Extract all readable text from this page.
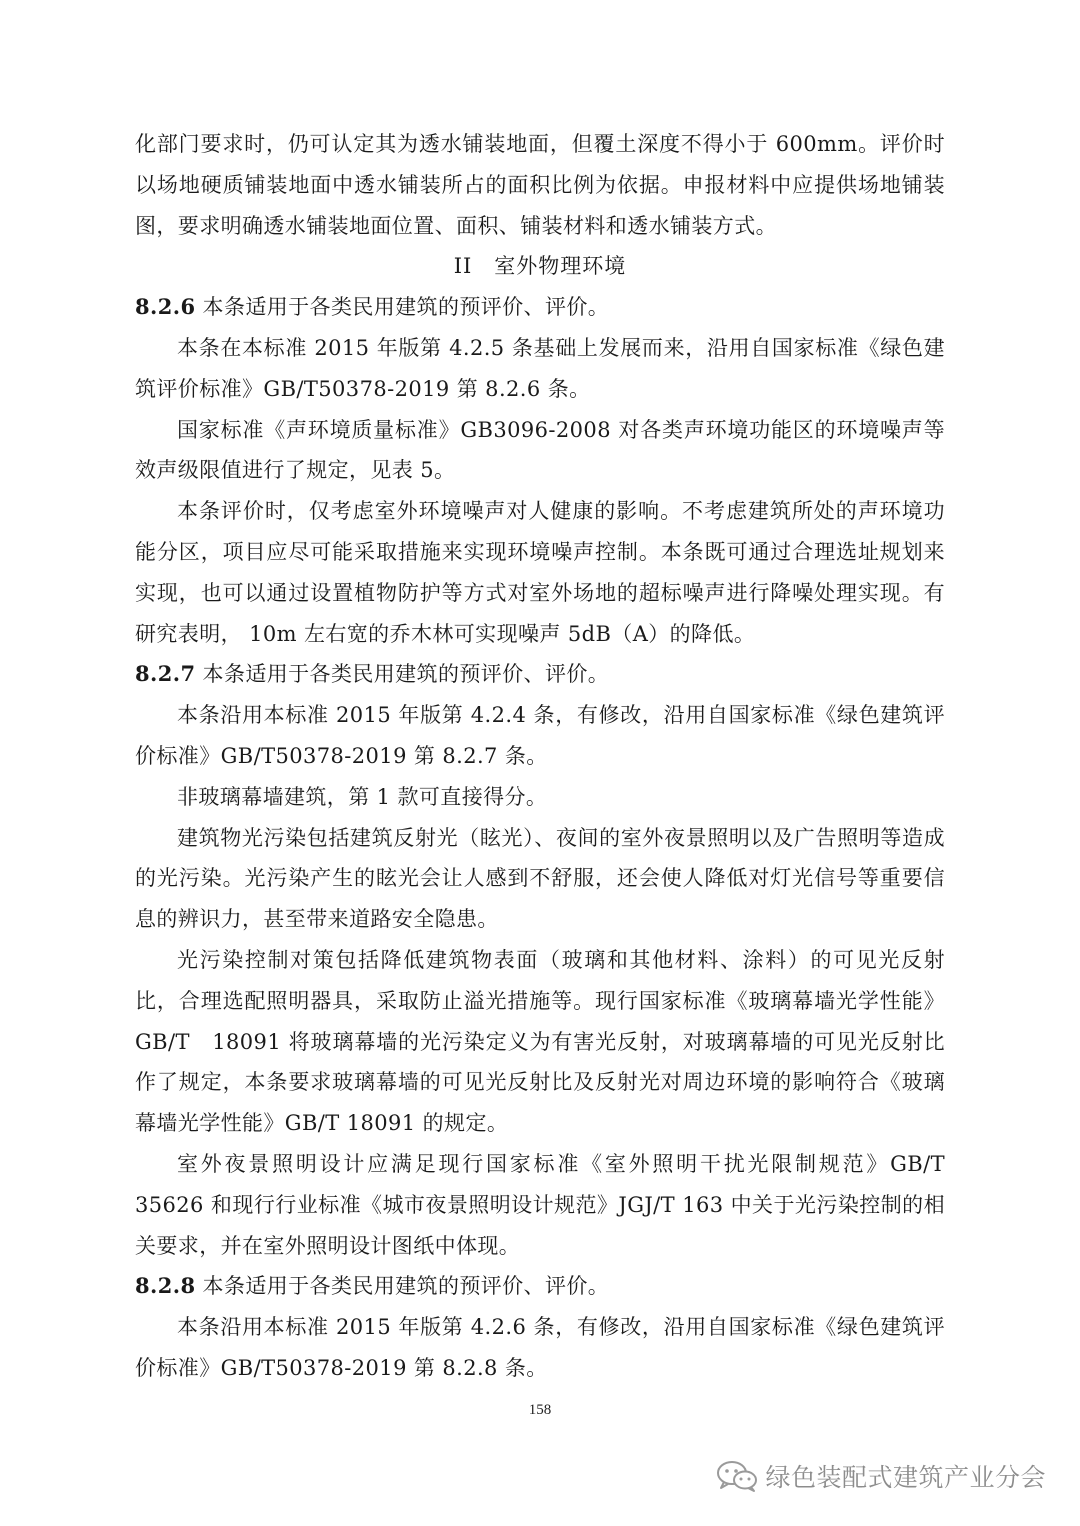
化部门要求时，仍可认定其为透水铺装地面，但覆土深度不得小于 600mm。评价时以场地硬质铺装地面中透水铺装所占的面积比例为依据。申报材料中应提供场地铺装图，要求明确透水铺装地面位置、面积、铺装材料和透水铺装方式。

II　室外物理环境

8.2.6 本条适用于各类民用建筑的预评价、评价。

本条在本标准 2015 年版第 4.2.5 条基础上发展而来，沿用自国家标准《绿色建筑评价标准》GB/T50378-2019 第 8.2.6 条。

国家标准《声环境质量标准》GB3096-2008 对各类声环境功能区的环境噪声等效声级限值进行了规定，见表 5。

本条评价时，仅考虑室外环境噪声对人健康的影响。不考虑建筑所处的声环境功能分区，项目应尽可能采取措施来实现环境噪声控制。本条既可通过合理选址规划来实现，也可以通过设置植物防护等方式对室外场地的超标噪声进行降噪处理实现。有研究表明， 10m 左右宽的乔木林可实现噪声 5dB（A）的降低。

8.2.7 本条适用于各类民用建筑的预评价、评价。

本条沿用本标准 2015 年版第 4.2.4 条，有修改，沿用自国家标准《绿色建筑评价标准》GB/T50378-2019 第 8.2.7 条。

非玻璃幕墙建筑，第 1 款可直接得分。

建筑物光污染包括建筑反射光（眩光）、夜间的室外夜景照明以及广告照明等造成的光污染。光污染产生的眩光会让人感到不舒服，还会使人降低对灯光信号等重要信息的辨识力，甚至带来道路安全隐患。

光污染控制对策包括降低建筑物表面（玻璃和其他材料、涂料）的可见光反射比，合理选配照明器具，采取防止溢光措施等。现行国家标准《玻璃幕墙光学性能》GB/T　18091 将玻璃幕墙的光污染定义为有害光反射，对玻璃幕墙的可见光反射比作了规定，本条要求玻璃幕墙的可见光反射比及反射光对周边环境的影响符合《玻璃幕墙光学性能》GB/T 18091 的规定。

室外夜景照明设计应满足现行国家标准《室外照明干扰光限制规范》GB/T 35626 和现行行业标准《城市夜景照明设计规范》JGJ/T 163 中关于光污染控制的相关要求，并在室外照明设计图纸中体现。

8.2.8 本条适用于各类民用建筑的预评价、评价。

本条沿用本标准 2015 年版第 4.2.6 条，有修改，沿用自国家标准《绿色建筑评价标准》GB/T50378-2019 第 8.2.8 条。

158
绿色装配式建筑产业分会
